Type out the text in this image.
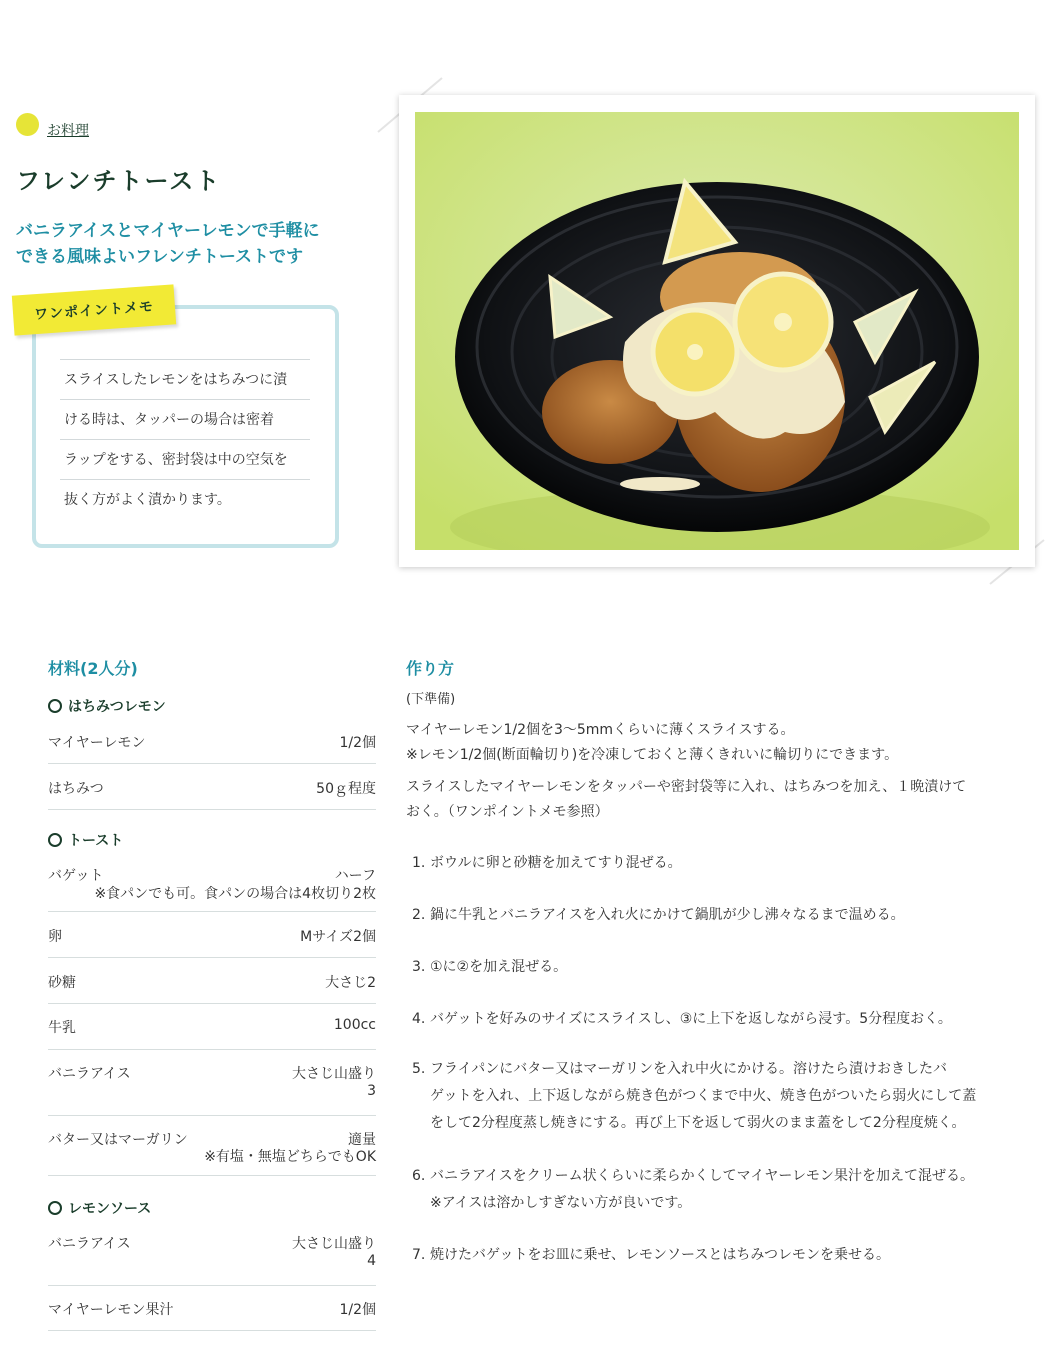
お料理
フレンチトースト
バニラアイスとマイヤーレモンで手軽に
できる風味よいフレンチトーストです
ワンポイントメモ
スライスしたレモンをはちみつに漬
ける時は、タッパーの場合は密着
ラップをする、密封袋は中の空気を
抜く方がよく漬かります。
材料(2人分)
はちみつレモン
マイヤーレモン	1/2個
はちみつ	50ｇ程度
トースト
バゲット	ハーフ
※食パンでも可。食パンの場合は4枚切り2枚
卵	Mサイズ2個
砂糖	大さじ2
牛乳	100cc
バニラアイス	大さじ山盛り
3
バター又はマーガリン	適量
※有塩・無塩どちらでもOK
レモンソース
バニラアイス	大さじ山盛り
4
マイヤーレモン果汁	1/2個
作り方
(下準備)
マイヤーレモン1/2個を3〜5mmくらいに薄くスライスする。
※レモン1/2個(断面輪切り)を冷凍しておくと薄くきれいに輪切りにできます。
スライスしたマイヤーレモンをタッパーや密封袋等に入れ、はちみつを加え、１晩漬けて
おく。（ワンポイントメモ参照）
1. ボウルに卵と砂糖を加えてすり混ぜる。
2. 鍋に牛乳とバニラアイスを入れ火にかけて鍋肌が少し沸々なるまで温める。
3. ①に②を加え混ぜる。
4. バゲットを好みのサイズにスライスし、③に上下を返しながら浸す。5分程度おく。
5. フライパンにバター又はマーガリンを入れ中火にかける。溶けたら漬けおきしたバ
ゲットを入れ、上下返しながら焼き色がつくまで中火、焼き色がついたら弱火にして蓋
をして2分程度蒸し焼きにする。再び上下を返して弱火のまま蓋をして2分程度焼く。
6. バニラアイスをクリーム状くらいに柔らかくしてマイヤーレモン果汁を加えて混ぜる。
※アイスは溶かしすぎない方が良いです。
7. 焼けたバゲットをお皿に乗せ、レモンソースとはちみつレモンを乗せる。
